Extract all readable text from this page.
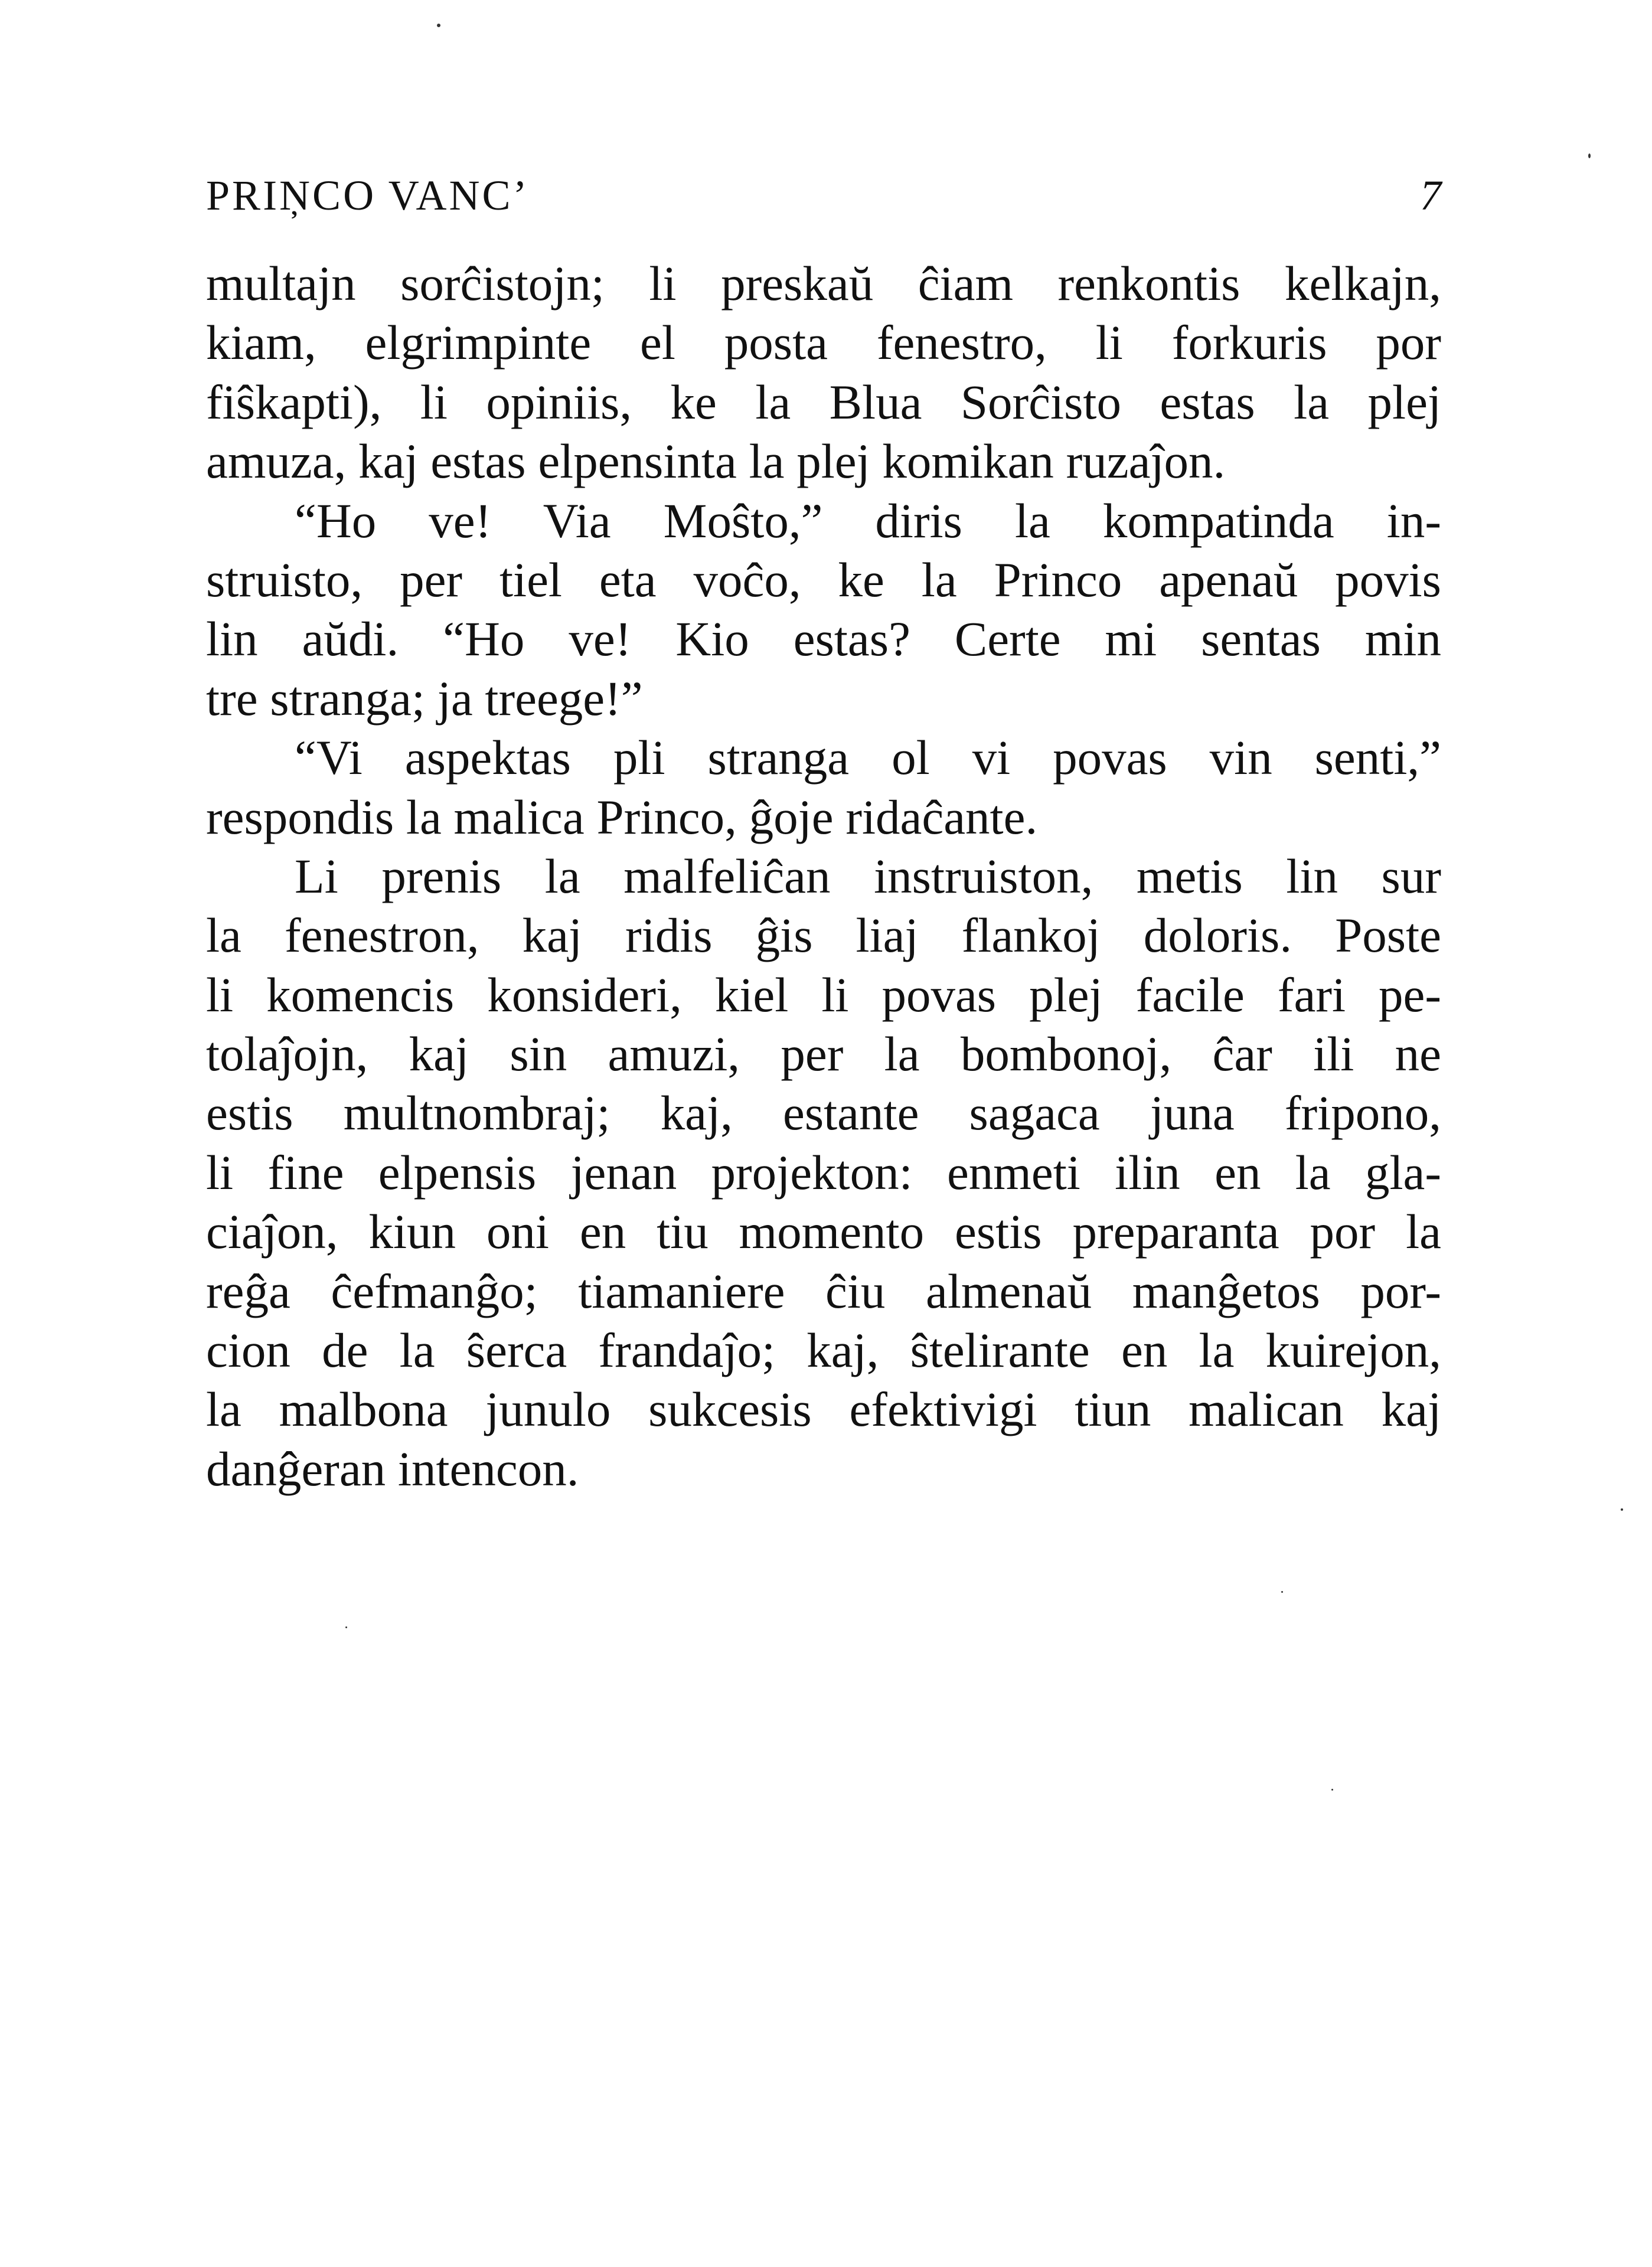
PRIŅCO VANC’	7
multajn sorĉistojn; li preskaŭ ĉiam renkontis kelkajn,
kiam, elgrimpinte el posta fenestro, li forkuris por
fiŝkapti), li opiniis, ke la Blua Sorĉisto estas la plej
amuza, kaj estas elpensinta la plej komikan ruzaĵon.
“Ho ve! Via Moŝto,” diris la kompatinda in-
struisto, per tiel eta voĉo, ke la Princo apenaŭ povis
lin aŭdi. “Ho ve! Kio estas? Certe mi sentas min
tre stranga; ja treege!”
“Vi aspektas pli stranga ol vi povas vin senti,”
respondis la malica Princo, ĝoje ridaĉante.
Li prenis la malfeliĉan instruiston, metis lin sur
la fenestron, kaj ridis ĝis liaj flankoj doloris. Poste
li komencis konsideri, kiel li povas plej facile fari pe-
tolaĵojn, kaj sin amuzi, per la bombonoj, ĉar ili ne
estis multnombraj; kaj, estante sagaca juna fripono,
li fine elpensis jenan projekton: enmeti ilin en la gla-
ciaĵon, kiun oni en tiu momento estis preparanta por la
reĝa ĉefmanĝo; tiamaniere ĉiu almenaŭ manĝetos por-
cion de la ŝerca frandaĵo; kaj, ŝtelirante en la kuirejon,
la malbona junulo sukcesis efektivigi tiun malican kaj
danĝeran intencon.
